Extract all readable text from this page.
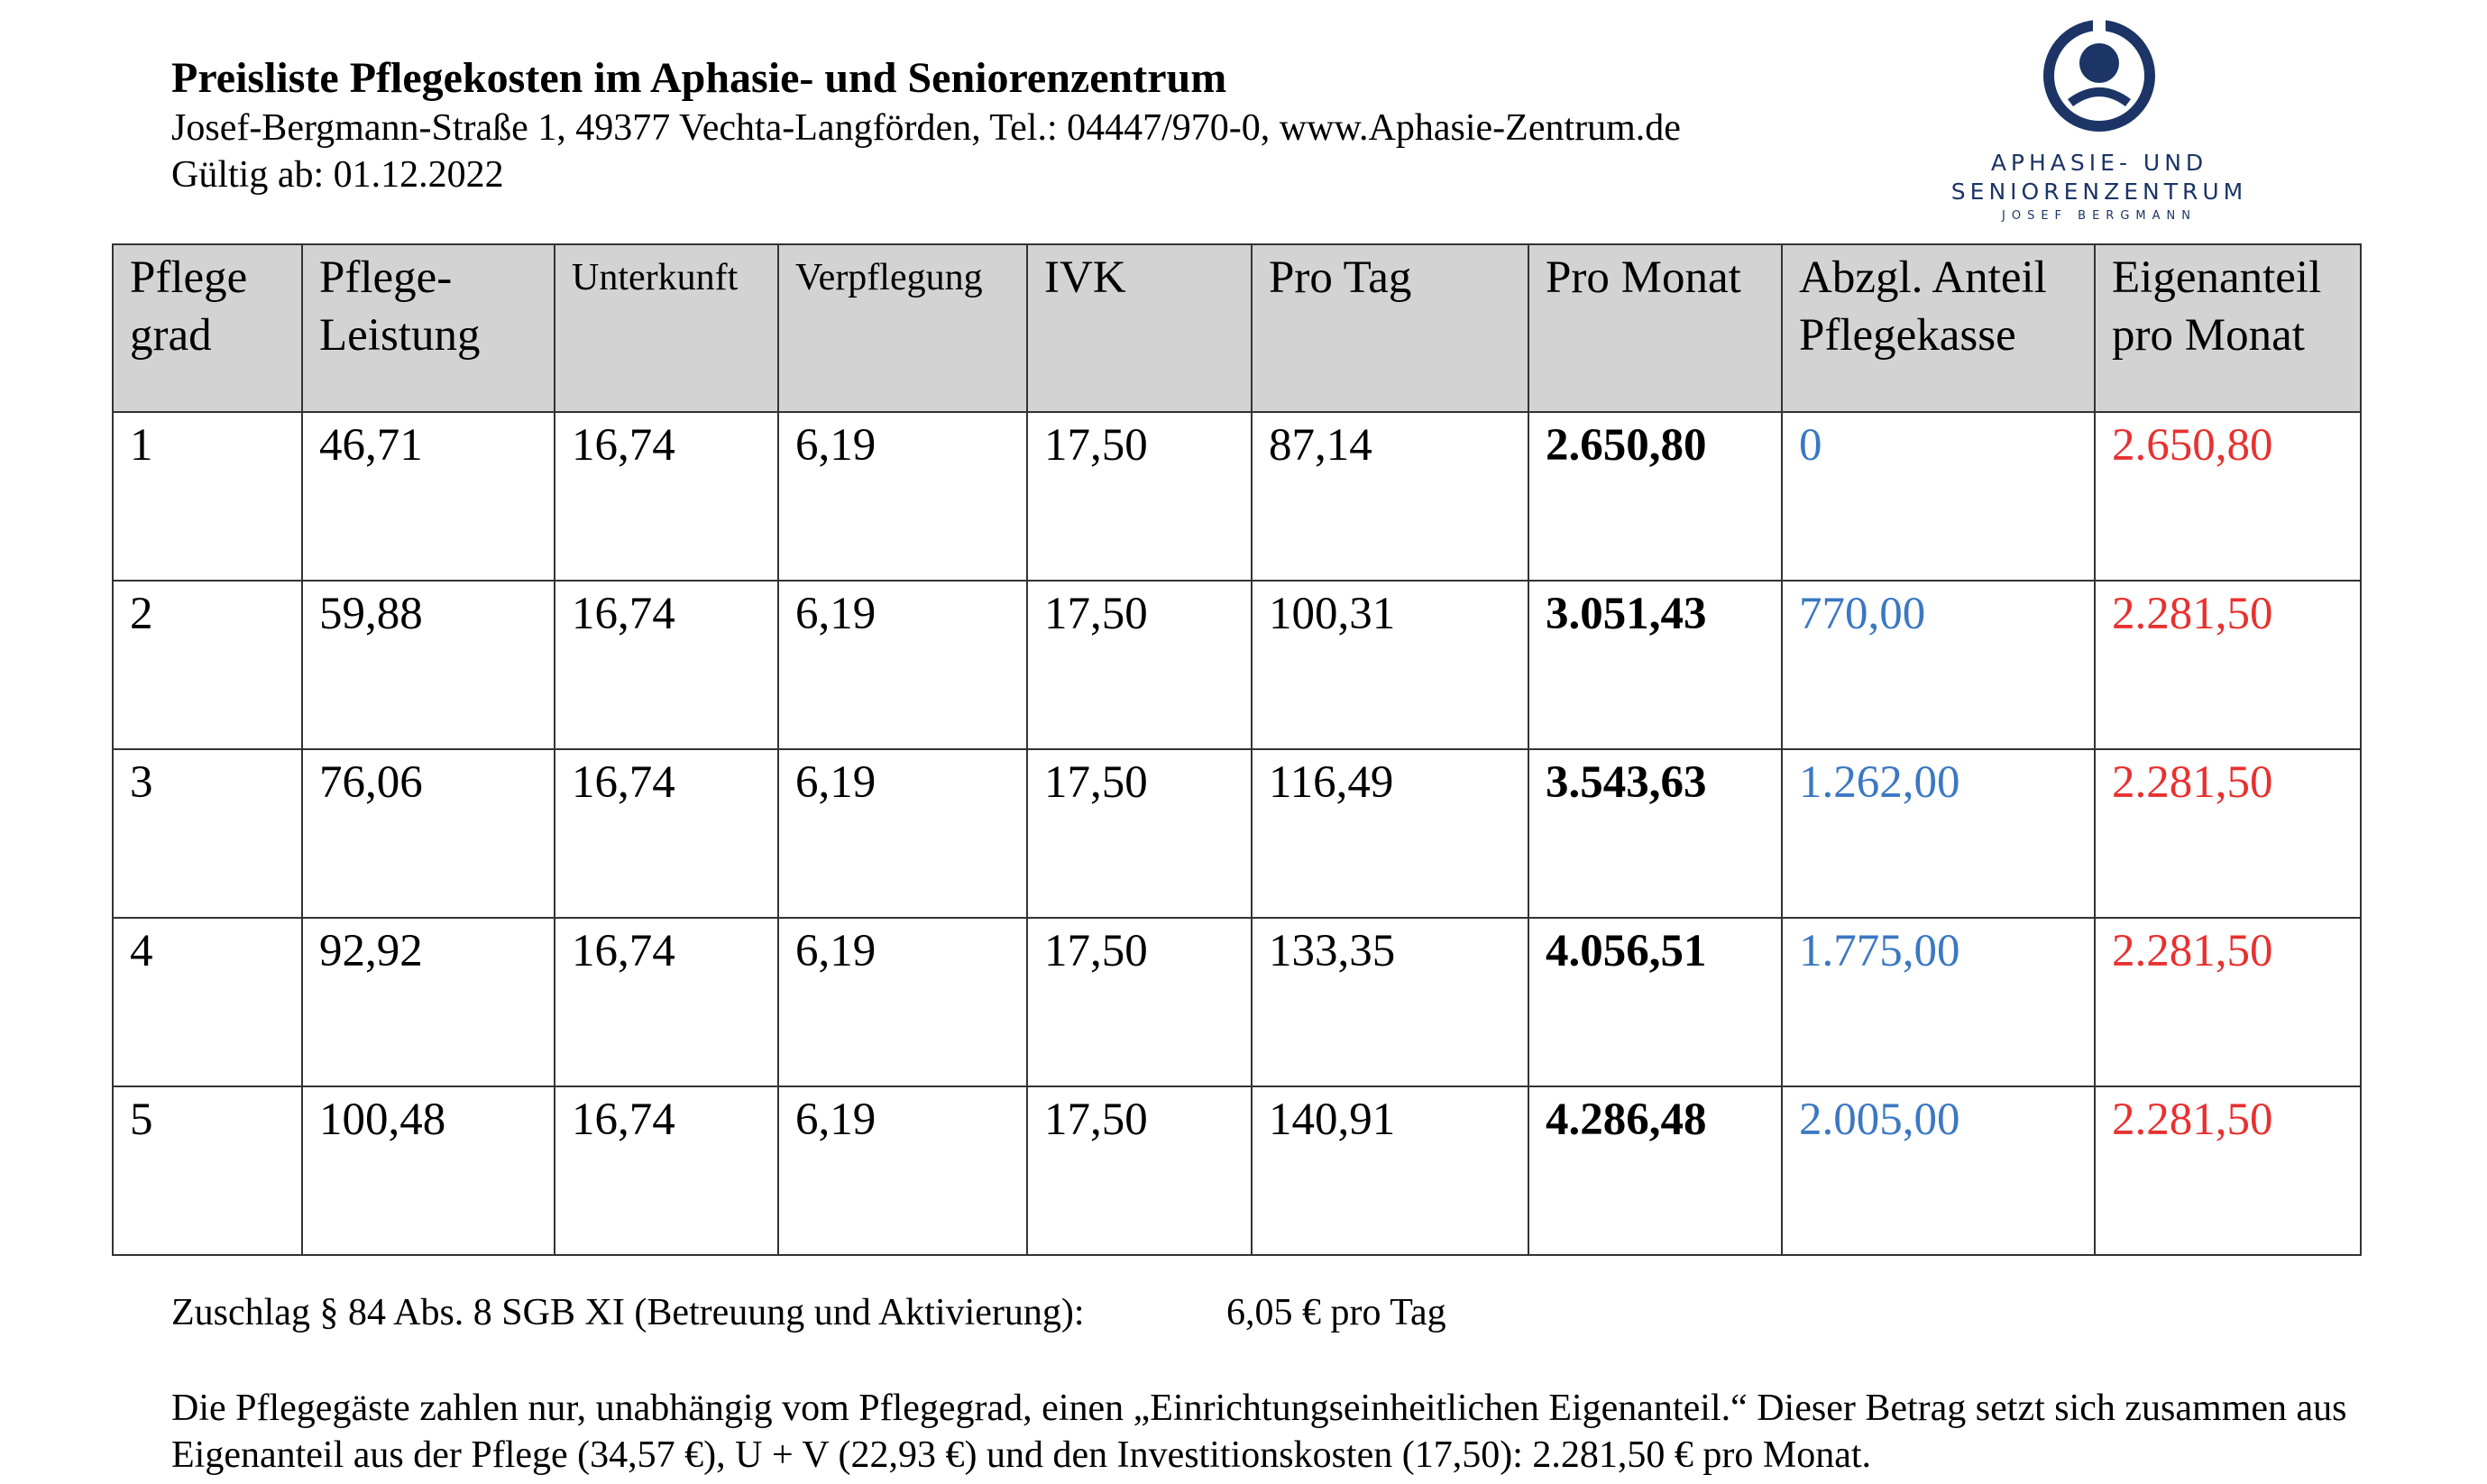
Preisliste Pflegekosten im Aphasie- und Seniorenzentrum

Josef-Bergmann-Straße 1, 49377 Vechta-Langförden, Tel.: 04447/970-0, www.Aphasie-Zentrum.de

Gültig ab: 01.12.2022	APHASIE- UND
SENIORENZENTRUM
JOSEF BERGMANN
Pflege grad	Pflege-Leistung	Unterkunft	Verpflegung	IVK	Pro Tag	Pro Monat	Abzgl. Anteil Pflegekasse	Eigenanteil pro Monat
1	46,71	16,74	6,19	17,50	87,14	2.650,80	0	2.650,80
2	59,88	16,74	6,19	17,50	100,31	3.051,43	770,00	2.281,50
3	76,06	16,74	6,19	17,50	116,49	3.543,63	1.262,00	2.281,50
4	92,92	16,74	6,19	17,50	133,35	4.056,51	1.775,00	2.281,50
5	100,48	16,74	6,19	17,50	140,91	4.286,48	2.005,00	2.281,50
Zuschlag § 84 Abs. 8 SGB XI (Betreuung und Aktivierung):	6,05 € pro Tag
Die Pflegegäste zahlen nur, unabhängig vom Pflegegrad, einen „Einrichtungseinheitlichen Eigenanteil.“ Dieser Betrag setzt sich zusammen aus
Eigenanteil aus der Pflege (34,57 €), U + V (22,93 €) und den Investitionskosten (17,50): 2.281,50 € pro Monat.
